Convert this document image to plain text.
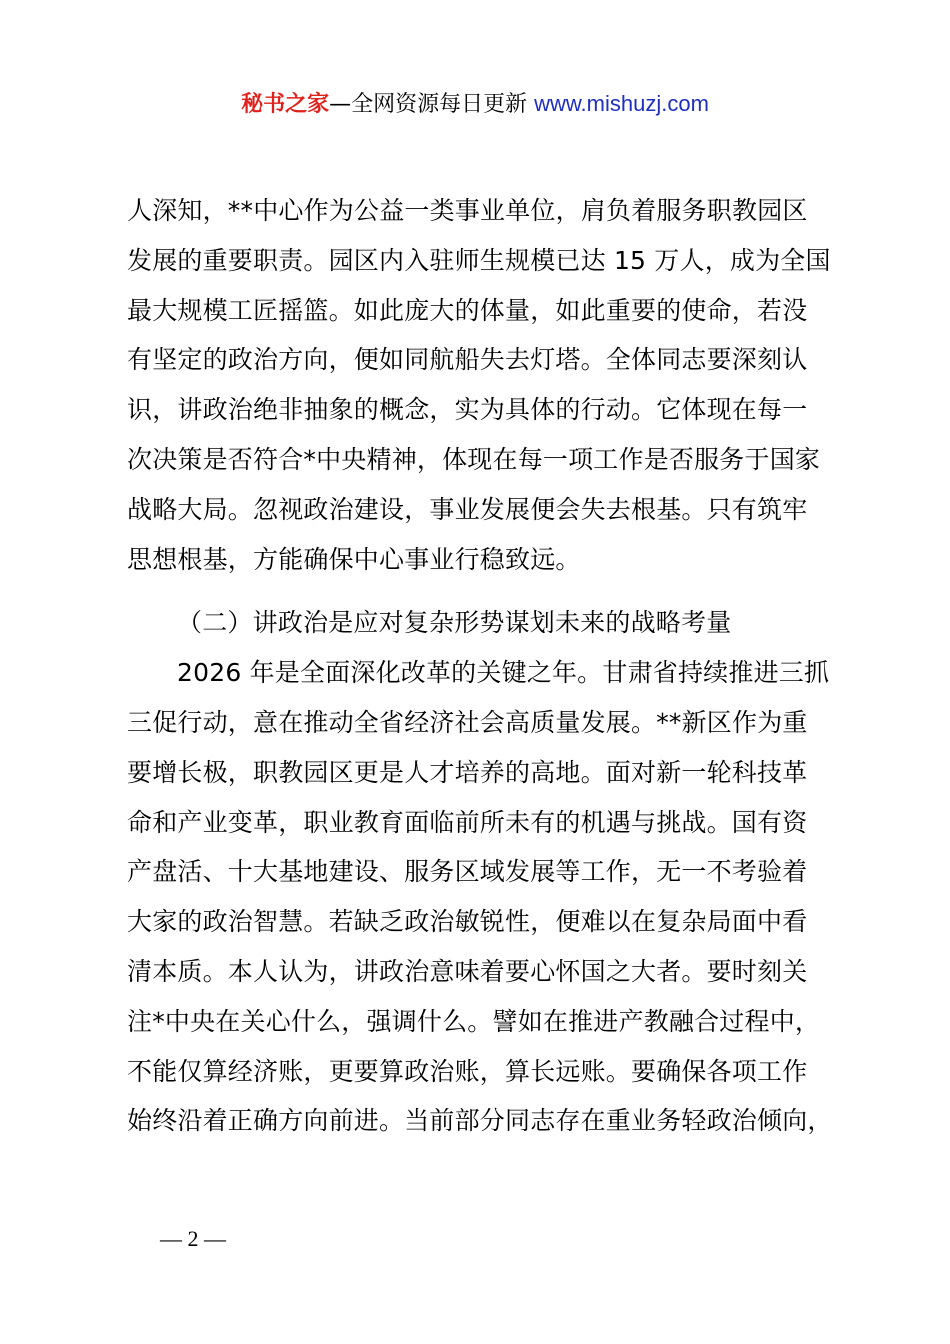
秘书之家—全网资源每日更新 www.mishuzj.com
人深知，**中心作为公益一类事业单位，肩负着服务职教园区
发展的重要职责。园区内入驻师生规模已达 15 万人，成为全国
最大规模工匠摇篮。如此庞大的体量，如此重要的使命，若没
有坚定的政治方向，便如同航船失去灯塔。全体同志要深刻认
识，讲政治绝非抽象的概念，实为具体的行动。它体现在每一
次决策是否符合*中央精神，体现在每一项工作是否服务于国家
战略大局。忽视政治建设，事业发展便会失去根基。只有筑牢
思想根基，方能确保中心事业行稳致远。
（二）讲政治是应对复杂形势谋划未来的战略考量
2026 年是全面深化改革的关键之年。甘肃省持续推进三抓
三促行动，意在推动全省经济社会高质量发展。**新区作为重
要增长极，职教园区更是人才培养的高地。面对新一轮科技革
命和产业变革，职业教育面临前所未有的机遇与挑战。国有资
产盘活、十大基地建设、服务区域发展等工作，无一不考验着
大家的政治智慧。若缺乏政治敏锐性，便难以在复杂局面中看
清本质。本人认为，讲政治意味着要心怀国之大者。要时刻关
注*中央在关心什么，强调什么。譬如在推进产教融合过程中，
不能仅算经济账，更要算政治账，算长远账。要确保各项工作
始终沿着正确方向前进。当前部分同志存在重业务轻政治倾向，
— 2 —
